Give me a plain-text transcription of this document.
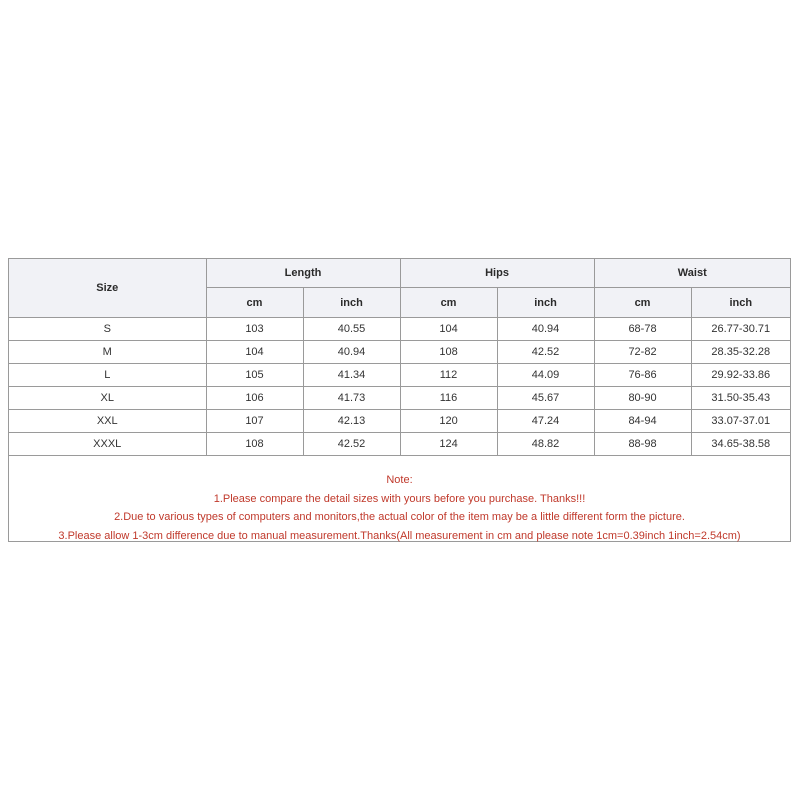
Size	Length		Hips		Waist	
	cm	inch	cm	inch	cm	inch
S	103	40.55	104	40.94	68-78	26.77-30.71
M	104	40.94	108	42.52	72-82	28.35-32.28
L	105	41.34	112	44.09	76-86	29.92-33.86
XL	106	41.73	116	45.67	80-90	31.50-35.43
XXL	107	42.13	120	47.24	84-94	33.07-37.01
XXXL	108	42.52	124	48.82	88-98	34.65-38.58
Note:
1.Please compare the detail sizes with yours before you purchase. Thanks!!!
2.Due to various types of computers and monitors,the actual color of the item may be a little different form the picture.
3.Please allow 1-3cm difference due to manual measurement.Thanks(All measurement in cm and please note 1cm=0.39inch 1inch=2.54cm)
